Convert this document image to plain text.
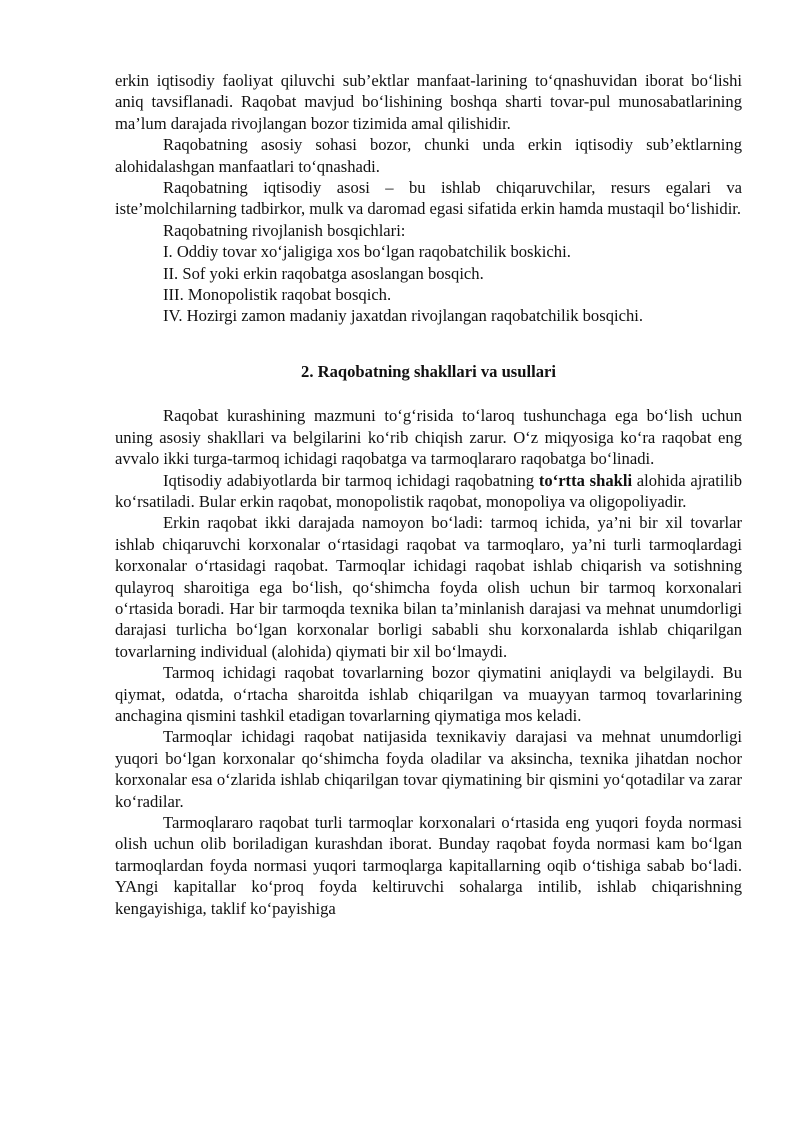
erkin iqtisodiy faoliyat qiluvchi sub’ektlar manfaat-larining to‘qnashuvidan iborat bo‘lishi aniq tavsiflanadi. Raqobat mavjud bo‘lishining boshqa sharti tovar-pul munosabatlarining ma’lum darajada rivojlangan bozor tizimida amal qilishidir.

Raqobatning asosiy sohasi bozor, chunki unda erkin iqtisodiy sub’ektlarning alohidalashgan manfaatlari to‘qnashadi.

Raqobatning iqtisodiy asosi – bu ishlab chiqaruvchilar, resurs egalari va iste’molchilarning tadbirkor, mulk va daromad egasi sifatida erkin hamda mustaqil bo‘lishidir.

Raqobatning rivojlanish bosqichlari:

I. Oddiy tovar xo‘jaligiga xos bo‘lgan raqobatchilik boskichi.
II. Sof yoki erkin raqobatga asoslangan bosqich.
III. Monopolistik raqobat bosqich.
IV. Hozirgi zamon madaniy jaxatdan rivojlangan raqobatchilik bosqichi.
2. Raqobatning shakllari va usullari

Raqobat kurashining mazmuni to‘g‘risida to‘laroq tushunchaga ega bo‘lish uchun uning asosiy shakllari va belgilarini ko‘rib chiqish zarur. O‘z miqyosiga ko‘ra raqobat eng avvalo ikki turga-tarmoq ichidagi raqobatga va tarmoqlararo raqobatga bo‘linadi.

Iqtisodiy adabiyotlarda bir tarmoq ichidagi raqobatning to‘rtta shakli alohida ajratilib ko‘rsatiladi. Bular erkin raqobat, monopolistik raqobat, monopoliya va oligopoliyadir.

Erkin raqobat ikki darajada namoyon bo‘ladi: tarmoq ichida, ya’ni bir xil tovarlar ishlab chiqaruvchi korxonalar o‘rtasidagi raqobat va tarmoqlaro, ya’ni turli tarmoqlardagi korxonalar o‘rtasidagi raqobat. Tarmoqlar ichidagi raqobat ishlab chiqarish va sotishning qulayroq sharoitiga ega bo‘lish, qo‘shimcha foyda olish uchun bir tarmoq korxonalari o‘rtasida boradi. Har bir tarmoqda texnika bilan ta’minlanish darajasi va mehnat unumdorligi darajasi turlicha bo‘lgan korxonalar borligi sababli shu korxonalarda ishlab chiqarilgan tovarlarning individual (alohida) qiymati bir xil bo‘lmaydi.

Tarmoq ichidagi raqobat tovarlarning bozor qiymatini aniqlaydi va belgilaydi. Bu qiymat, odatda, o‘rtacha sharoitda ishlab chiqarilgan va muayyan tarmoq tovarlarining anchagina qismini tashkil etadigan tovarlarning qiymatiga mos keladi.

Tarmoqlar ichidagi raqobat natijasida texnikaviy darajasi va mehnat unumdorligi yuqori bo‘lgan korxonalar qo‘shimcha foyda oladilar va aksincha, texnika jihatdan nochor korxonalar esa o‘zlarida ishlab chiqarilgan tovar qiymatining bir qismini yo‘qotadilar va zarar ko‘radilar.

Tarmoqlararo raqobat turli tarmoqlar korxonalari o‘rtasida eng yuqori foyda normasi olish uchun olib boriladigan kurashdan iborat. Bunday raqobat foyda normasi kam bo‘lgan tarmoqlardan foyda normasi yuqori tarmoqlarga kapitallarning oqib o‘tishiga sabab bo‘ladi. YAngi kapitallar ko‘proq foyda keltiruvchi sohalarga intilib, ishlab chiqarishning kengayishiga, taklif ko‘payishiga
